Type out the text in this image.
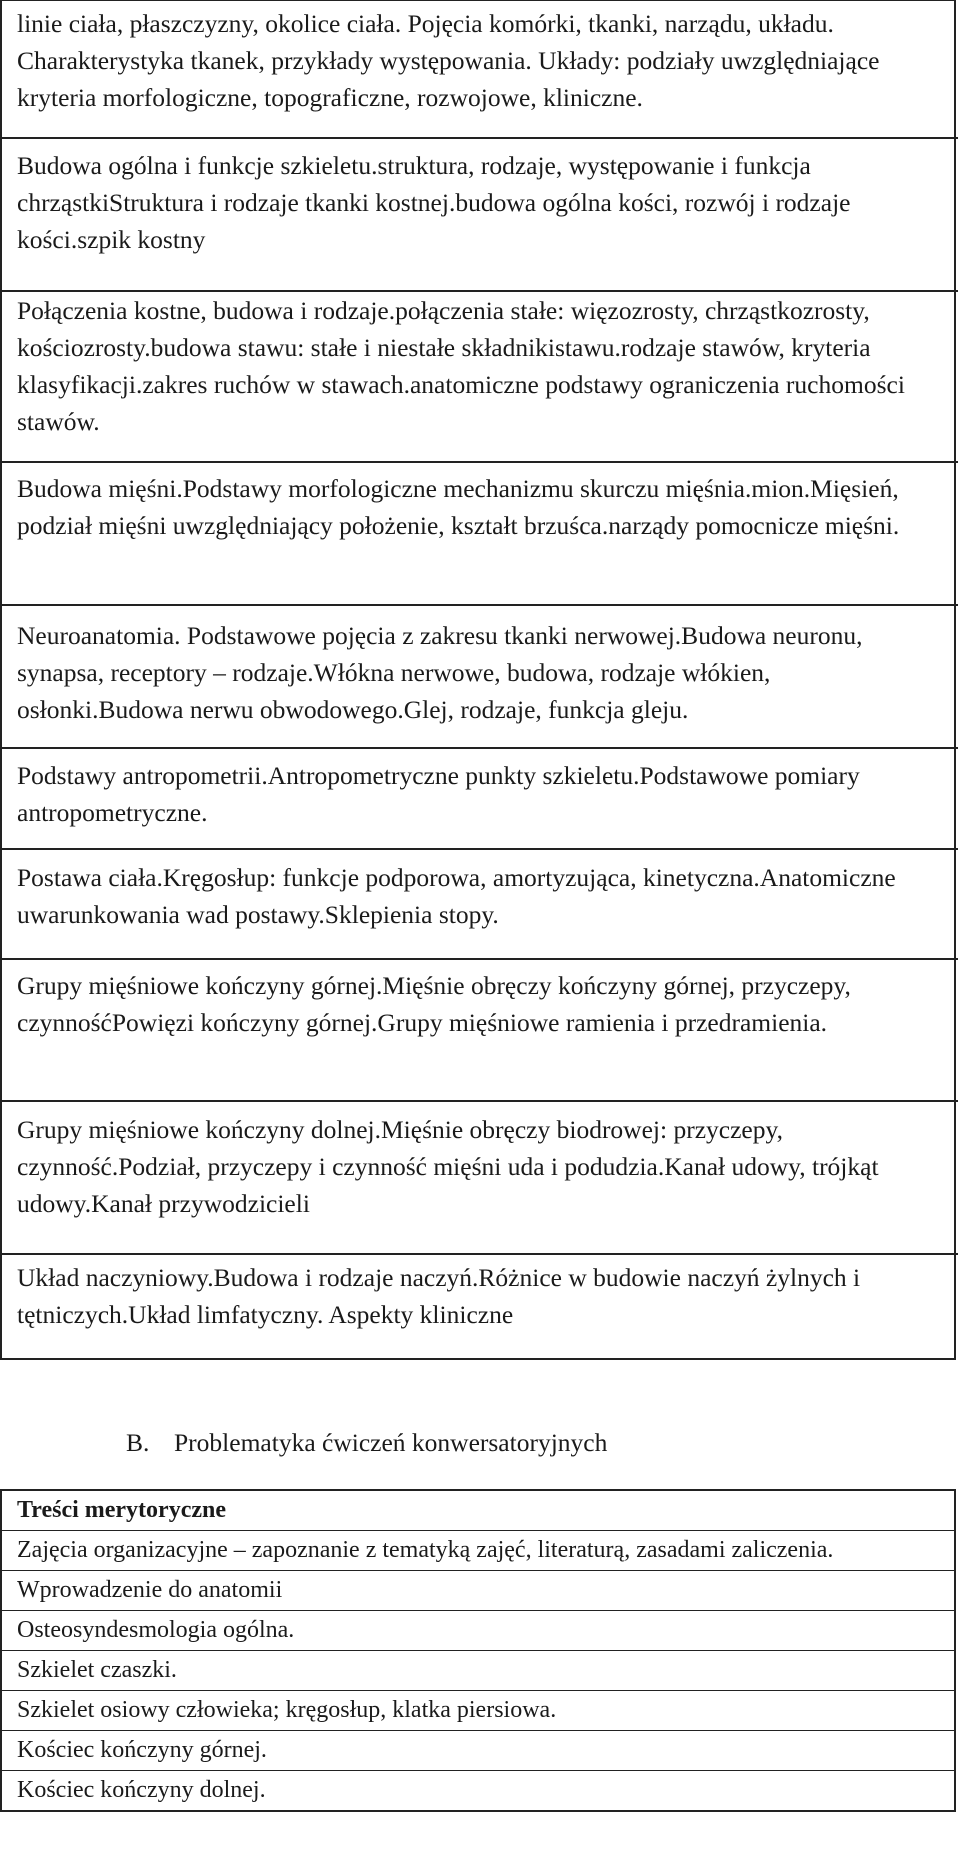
linie ciała, płaszczyzny, okolice ciała. Pojęcia komórki, tkanki, narządu, układu. Charakterystyka tkanek, przykłady występowania. Układy: podziały uwzględniające kryteria morfologiczne, topograficzne, rozwojowe, kliniczne.

Budowa ogólna i funkcje szkieletu.struktura, rodzaje, występowanie i funkcja chrząstkiStruktura i rodzaje tkanki kostnej.budowa ogólna kości, rozwój i rodzaje kości.szpik kostny

Połączenia kostne, budowa i rodzaje.połączenia stałe: więzozrosty, chrząstkozrosty, kościozrosty.budowa stawu: stałe i niestałe składnikistawu.rodzaje stawów, kryteria klasyfikacji.zakres ruchów w stawach.anatomiczne podstawy ograniczenia ruchomości stawów.

Budowa mięśni.Podstawy morfologiczne mechanizmu skurczu mięśnia.mion.Mięsień, podział mięśni uwzględniający położenie, kształt brzuśca.narządy pomocnicze mięśni.

Neuroanatomia. Podstawowe pojęcia z zakresu tkanki nerwowej.Budowa neuronu, synapsa, receptory – rodzaje.Włókna nerwowe, budowa, rodzaje włókien, osłonki.Budowa nerwu obwodowego.Glej, rodzaje, funkcja gleju.

Podstawy antropometrii.Antropometryczne punkty szkieletu.Podstawowe pomiary antropometryczne.

Postawa ciała.Kręgosłup: funkcje podporowa, amortyzująca, kinetyczna.Anatomiczne uwarunkowania wad postawy.Sklepienia stopy.

Grupy mięśniowe kończyny górnej.Mięśnie obręczy kończyny górnej, przyczepy, czynnośćPowięzi kończyny górnej.Grupy mięśniowe ramienia i przedramienia.

Grupy mięśniowe kończyny dolnej.Mięśnie obręczy biodrowej: przyczepy, czynność.Podział, przyczepy i czynność mięśni uda i podudzia.Kanał udowy, trójkąt udowy.Kanał przywodzicieli

Układ naczyniowy.Budowa i rodzaje naczyń.Różnice w budowie naczyń żylnych i tętniczych.Układ limfatyczny. Aspekty kliniczne

B. Problematyka ćwiczeń konwersatoryjnych

Treści merytoryczne
Zajęcia organizacyjne – zapoznanie z tematyką zajęć, literaturą, zasadami zaliczenia.
Wprowadzenie do anatomii
Osteosyndesmologia ogólna.
Szkielet czaszki.
Szkielet osiowy człowieka; kręgosłup, klatka piersiowa.
Kościec kończyny górnej.
Kościec kończyny dolnej.
